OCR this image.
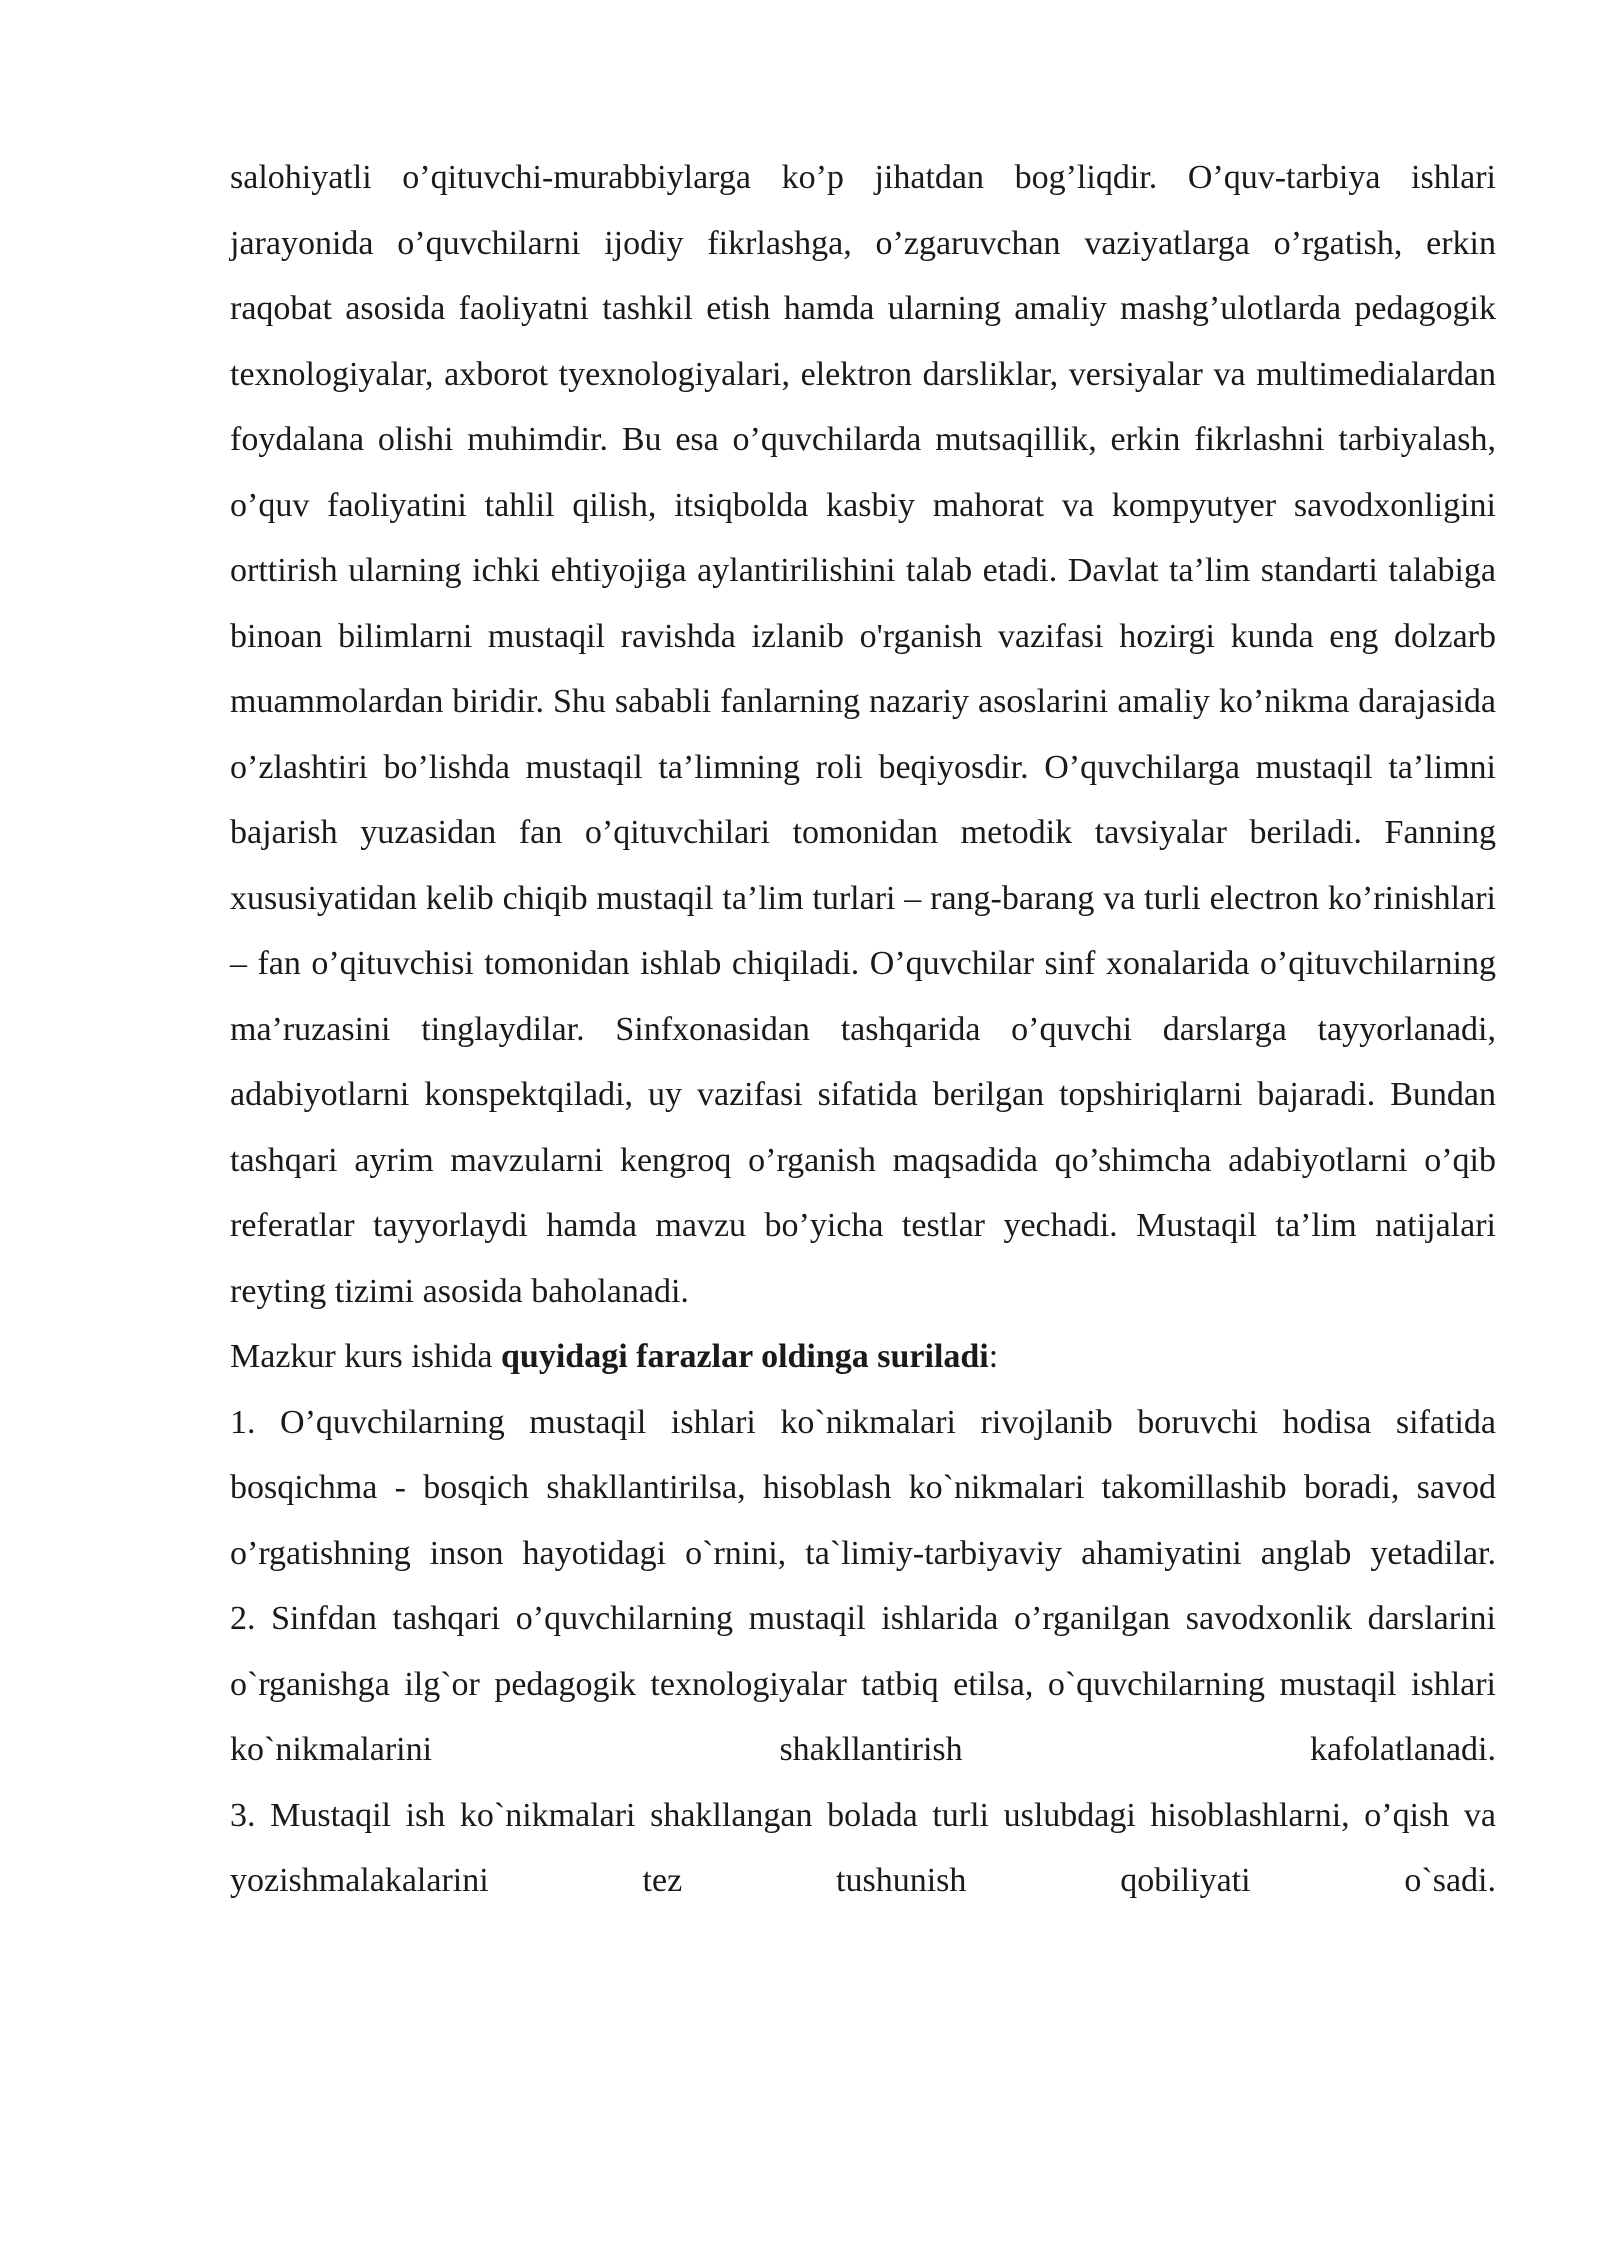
salohiyatli o’qituvchi-murabbiylarga ko’p jihatdan bog’liqdir. O’quv-tarbiya ishlari jarayonida o’quvchilarni ijodiy fikrlashga, o’zgaruvchan vaziyatlarga o’rgatish, erkin raqobat asosida faoliyatni tashkil etish hamda ularning amaliy mashg’ulotlarda pedagogik texnologiyalar, axborot tyexnologiyalari, elektron darsliklar, versiyalar va multimedialardan foydalana olishi muhimdir. Bu esa o’quvchilarda mutsaqillik, erkin fikrlashni tarbiyalash, o’quv faoliyatini tahlil qilish, itsiqbolda kasbiy mahorat va kompyutyer savodxonligini orttirish ularning ichki ehtiyojiga aylantirilishini talab etadi. Davlat ta’lim standarti talabiga binoan bilimlarni mustaqil ravishda izlanib o'rganish vazifasi hozirgi kunda eng dolzarb muammolardan biridir. Shu sababli fanlarning nazariy asoslarini amaliy ko’nikma darajasida o’zlashtiri bo’lishda mustaqil ta’limning roli beqiyosdir. O’quvchilarga mustaqil ta’limni bajarish yuzasidan fan o’qituvchilari tomonidan metodik tavsiyalar beriladi. Fanning xususiyatidan kelib chiqib mustaqil ta’lim turlari – rang-barang va turli electron ko’rinishlari – fan o’qituvchisi tomonidan ishlab chiqiladi. O’quvchilar sinf xonalarida o’qituvchilarning ma’ruzasini tinglaydilar. Sinfxonasidan tashqarida o’quvchi darslarga tayyorlanadi, adabiyotlarni konspektqiladi, uy vazifasi sifatida berilgan topshiriqlarni bajaradi. Bundan tashqari ayrim mavzularni kengroq o’rganish maqsadida qo’shimcha adabiyotlarni o’qib referatlar tayyorlaydi hamda mavzu bo’yicha testlar yechadi. Mustaqil ta’lim natijalari reyting tizimi asosida baholanadi.

Mazkur kurs ishida quyidagi farazlar oldinga suriladi:

1. O’quvchilarning mustaqil ishlari ko`nikmalari rivojlanib boruvchi hodisa sifatida bosqichma - bosqich shakllantirilsa, hisoblash ko`nikmalari takomillashib boradi, savod o’rgatishning inson hayotidagi o`rnini, ta`limiy-tarbiyaviy ahamiyatini anglab yetadilar.

2. Sinfdan tashqari o’quvchilarning mustaqil ishlarida o’rganilgan savodxonlik darslarini o`rganishga ilg`or pedagogik texnologiyalar tatbiq etilsa, o`quvchilarning mustaqil ishlari ko`nikmalarini shakllantirish kafolatlanadi.

3. Mustaqil ish ko`nikmalari shakllangan bolada turli uslubdagi hisoblashlarni, o’qish va yozishmalakalarini tez tushunish qobiliyati o`sadi.
